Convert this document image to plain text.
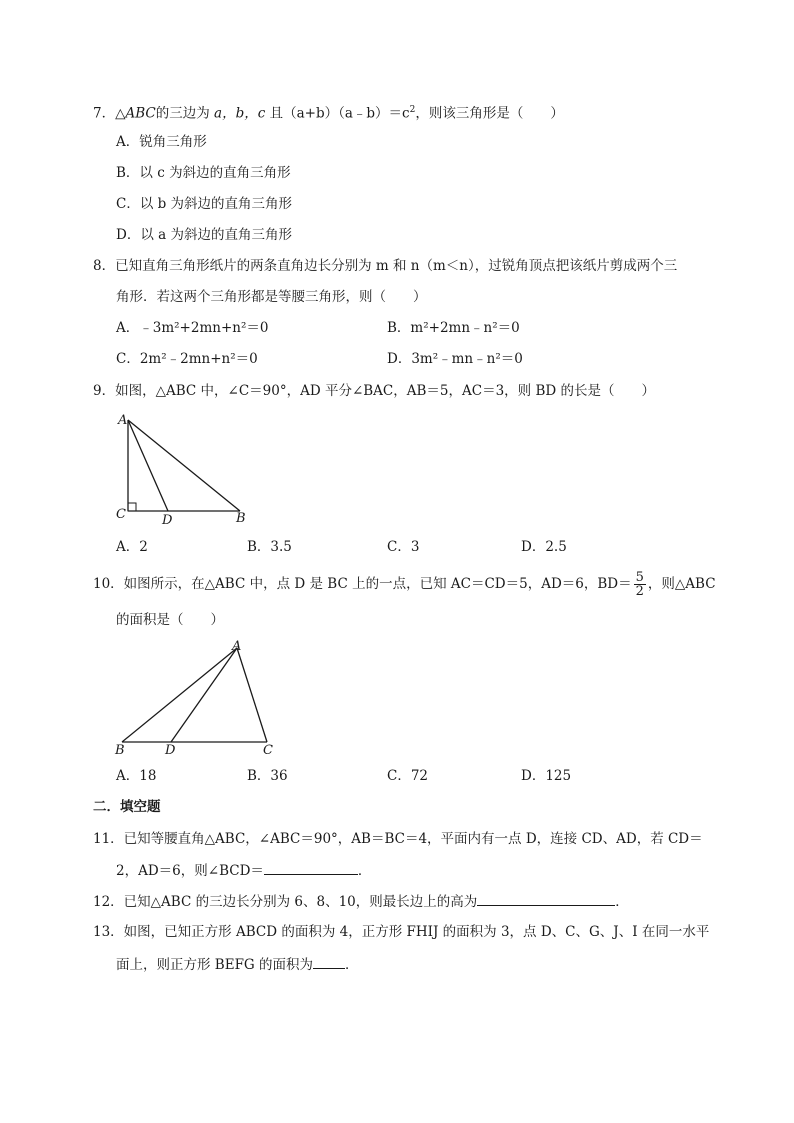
7．△ABC的三边为 a，b，c 且$(a+b)(a﹣b)=c^2$，则该三角形是（　　）
A．锐角三角形
B．以 c 为斜边的直角三角形
C．以 b 为斜边的直角三角形
D．以 a 为斜边的直角三角形
8．已知直角三角形纸片的两条直角边长分别为 m 和 n（m＜n），过锐角顶点把该纸片剪成两个三
角形．若这两个三角形都是等腰三角形，则（　　）
A．﹣3m²+2mn+n²＝0	B．m²+2mn﹣n²＝0
C．2m²﹣2mn+n²＝0	D．3m²﹣mn﹣n²＝0
9．如图，△ABC 中，∠C＝90°，AD 平分∠BAC，AB＝5，AC＝3，则 BD 的长是（　　）
A
C	D	B
A．2	B．3.5	C．3	D．2.5
10．如图所示，在△ABC 中，点 D 是 BC 上的一点，已知 AC＝CD＝5，AD＝6，$BD= \frac{5}{2}$ ，则△ABC
的面积是（　　）
A
B	D	C
A．18	B．36	C．72	D．125
二．填空题
11．已知等腰直角△ABC，∠ABC＝90°，AB＝BC＝4，平面内有一点 D，连接 CD、AD，若 CD＝
2，AD＝6，则∠BCD＝	．
12．已知△ABC 的三边长分别为 6、8、10，则最长边上的高为	．
13．如图，已知正方形 ABCD 的面积为 4，正方形 FHIJ 的面积为 3，点 D、C、G、J、I 在同一水平
面上，则正方形 BEFG 的面积为 ．
